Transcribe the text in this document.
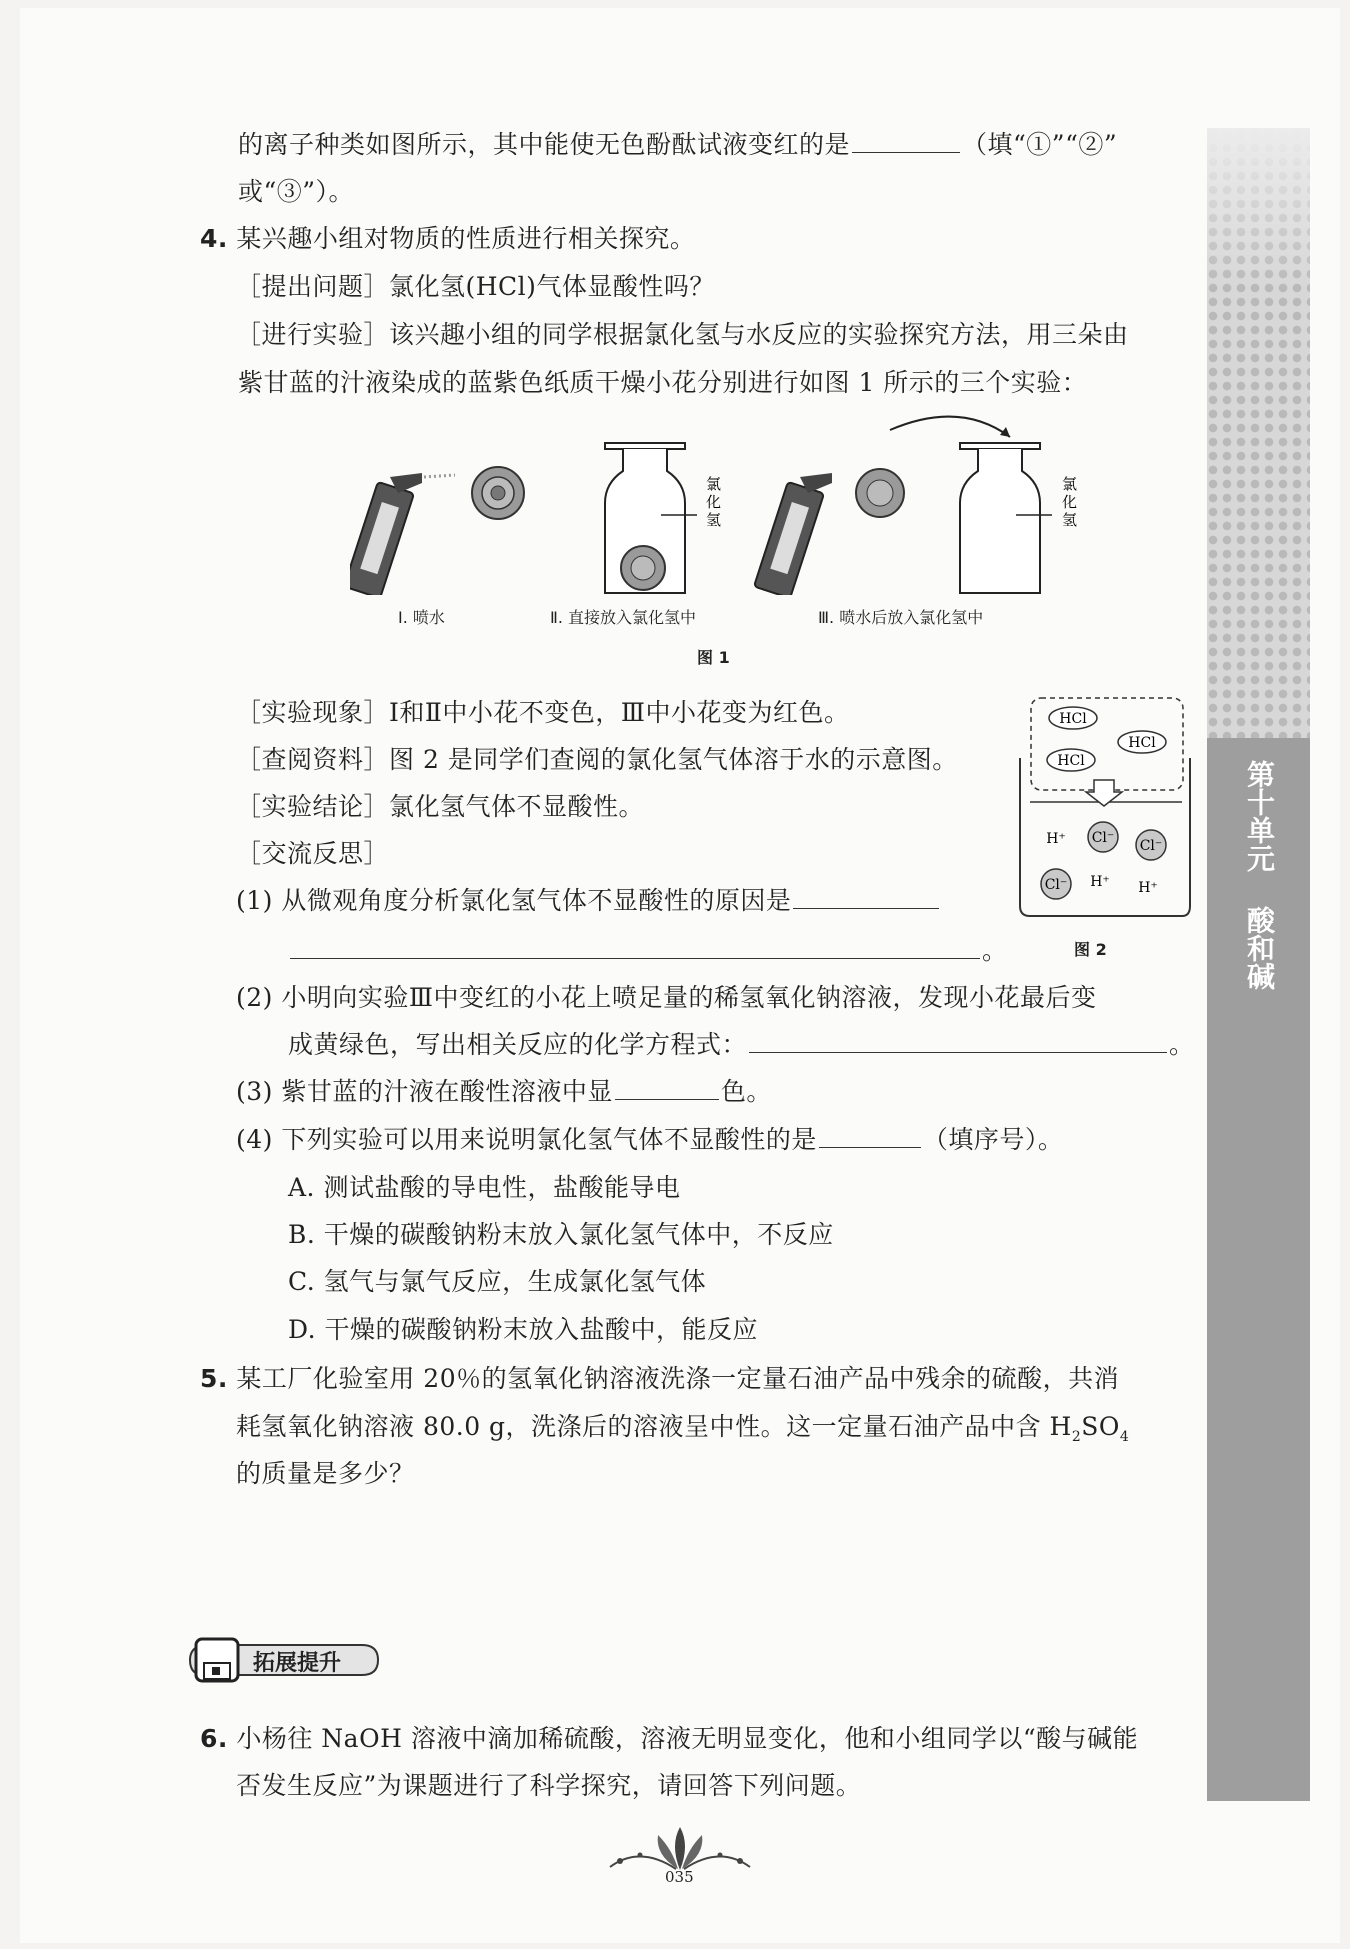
第十单元
酸和碱
的离子种类如图所示，其中能使无色酚酞试液变红的是	（填“①”“②”
或“③”）。
4. 某兴趣小组对物质的性质进行相关探究。
［提出问题］氯化氢(HCl)气体显酸性吗？
［进行实验］该兴趣小组的同学根据氯化氢与水反应的实验探究方法，用三朵由
紫甘蓝的汁液染成的蓝紫色纸质干燥小花分别进行如图 1 所示的三个实验：
氯化氢
氯化氢
Ⅰ. 喷水	Ⅱ. 直接放入氯化氢中	Ⅲ. 喷水后放入氯化氢中
图 1
［实验现象］Ⅰ和Ⅱ中小花不变色，Ⅲ中小花变为红色。
［查阅资料］图 2 是同学们查阅的氯化氢气体溶于水的示意图。
［实验结论］氯化氢气体不显酸性。
［交流反思］
(1) 从微观角度分析氯化氢气体不显酸性的原因是
。
HCl
HCl
HCl
H⁺ Cl⁻ Cl⁻
Cl⁻ H⁺ H⁺
图 2
(2) 小明向实验Ⅲ中变红的小花上喷足量的稀氢氧化钠溶液，发现小花最后变
成黄绿色，写出相关反应的化学方程式：	。
(3) 紫甘蓝的汁液在酸性溶液中显	色。
(4) 下列实验可以用来说明氯化氢气体不显酸性的是	（填序号）。
A. 测试盐酸的导电性，盐酸能导电
B. 干燥的碳酸钠粉末放入氯化氢气体中，不反应
C. 氢气与氯气反应，生成氯化氢气体
D. 干燥的碳酸钠粉末放入盐酸中，能反应
5. 某工厂化验室用 20％的氢氧化钠溶液洗涤一定量石油产品中残余的硫酸，共消
耗氢氧化钠溶液 80.0 g，洗涤后的溶液呈中性。这一定量石油产品中含 $H_2SO_4$
的质量是多少？
拓展提升
6. 小杨往 NaOH 溶液中滴加稀硫酸，溶液无明显变化，他和小组同学以“酸与碱能
否发生反应”为课题进行了科学探究，请回答下列问题。
035
